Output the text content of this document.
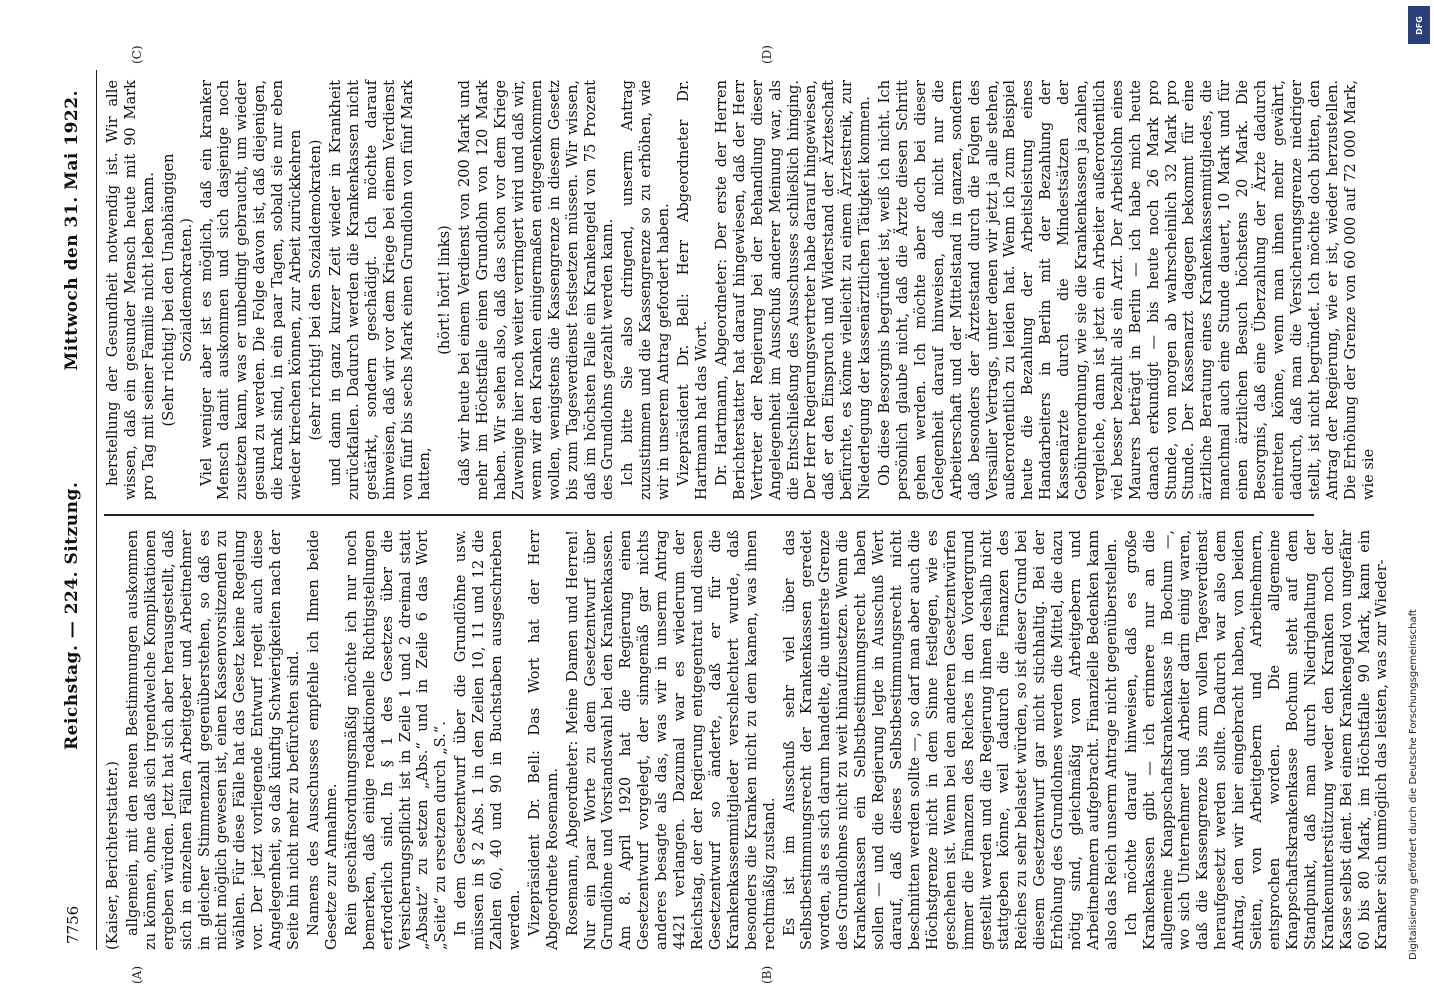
7756
Reichstag. — 224. Sitzung.
Mittwoch den 31. Mai 1922.
(A)	(B)
(C)	(D)

(Kaiser, Berichterstatter.) allgemein, mit den neuen Bestimmungen auskommen zu können, ohne daß sich irgendwelche Komplikationen ergeben würden. Jetzt hat sich aber herausgestellt, daß sich in einzelnen Fällen Arbeitgeber und Arbeitnehmer in gleicher Stimmenzahl gegenüberstehen, so daß es nicht möglich gewesen ist, einen Kassenvorsitzenden zu wählen. Für diese Fälle hat das Gesetz keine Regelung vor. Der jetzt vorliegende Entwurf regelt auch diese Angelegenheit, so daß künftig Schwierigkeiten nach der Seite hin nicht mehr zu befürchten sind. Namens des Ausschusses empfehle ich Ihnen beide Gesetze zur Annahme. Rein geschäftsordnungsmäßig möchte ich nur noch bemerken, daß einige redaktionelle Richtigstellungen erforderlich sind. In § 1 des Gesetzes über die Versicherungspflicht ist in Zeile 1 und 2 dreimal statt „Absatz“ zu setzen „Abs.“ und in Zeile 6 das Wort „Seite“ zu ersetzen durch „S.“. In dem Gesetzentwurf über die Grundlöhne usw. müssen in § 2 Abs. 1 in den Zeilen 10, 11 und 12 die Zahlen 60, 40 und 90 in Buchstaben ausgeschrieben werden. Vizepräsident Dr. Bell: Das Wort hat der Herr Abgeordnete Rosemann. Rosemann, Abgeordneter: Meine Damen und Herren! Nur ein paar Worte zu dem Gesetzentwurf über Grundlöhne und Vorstandswahl bei den Krankenkassen. Am 8. April 1920 hat die Regierung einen Gesetzentwurf vorgelegt, der sinngemäß gar nichts anderes besagte als das, was wir in unserm Antrag 4421 verlangen. Dazumal war es wiederum der Reichstag, der der Regierung entgegentrat und diesen Gesetzentwurf so änderte, daß er für die Krankenkassenmitglieder verschlechtert wurde, daß besonders die Kranken nicht zu dem kamen, was ihnen rechtmäßig zustand. Es ist im Ausschuß sehr viel über das Selbstbestimmungsrecht der Krankenkassen geredet worden, als es sich darum handelte, die unterste Grenze des Grundlohnes nicht zu weit hinaufzusetzen. Wenn die Krankenkassen ein Selbstbestimmungsrecht haben sollen — und die Regierung legte in Ausschuß Wert darauf, daß dieses Selbstbestimmungsrecht nicht beschnitten werden sollte —, so darf man aber auch die Höchstgrenze nicht in dem Sinne festlegen, wie es geschehen ist. Wenn bei den anderen Gesetzentwürfen immer die Finanzen des Reiches in den Vordergrund gestellt werden und die Regierung ihnen deshalb nicht stattgeben könne, weil dadurch die Finanzen des Reiches zu sehr belastet würden, so ist dieser Grund bei diesem Gesetzentwurf gar nicht stichhaltig. Bei der Erhöhung des Grundlohnes werden die Mittel, die dazu nötig sind, gleichmäßig von Arbeitgebern und Arbeitnehmern aufgebracht. Finanzielle Bedenken kann also das Reich unserm Antrage nicht gegenüberstellen. Ich möchte darauf hinweisen, daß es große Krankenkassen gibt — ich erinnere nur an die allgemeine Knappschaftskrankenkasse in Bochum —, wo sich Unternehmer und Arbeiter darin einig waren, daß die Kassengrenze bis zum vollen Tagesverdienst heraufgesetzt werden sollte. Dadurch war also dem Antrag, den wir hier eingebracht haben, von beiden Seiten, von Arbeitgebern und Arbeitnehmern, entsprochen worden. Die allgemeine Knappschaftskrankenkasse Bochum steht auf dem Standpunkt, daß man durch Niedrighaltung der Krankenunterstützung weder den Kranken noch der Kasse selbst dient. Bei einem Krankengeld von ungefähr 60 bis 80 Mark, im Höchstfalle 90 Mark, kann ein Kranker sich unmöglich das leisten, was zur Wieder-

herstellung der Gesundheit notwendig ist. Wir alle wissen, daß ein gesunder Mensch heute mit 90 Mark pro Tag mit seiner Familie nicht leben kann. (Sehr richtig! bei den Unabhängigen Sozialdemokraten.) Viel weniger aber ist es möglich, daß ein kranker Mensch damit auskommen und sich dasjenige noch zusetzen kann, was er unbedingt gebraucht, um wieder gesund zu werden. Die Folge davon ist, daß diejenigen, die krank sind, in ein paar Tagen, sobald sie nur eben wieder kriechen können, zur Arbeit zurückkehren (sehr richtig! bei den Sozialdemokraten) und dann in ganz kurzer Zeit wieder in Krankheit zurückfallen. Dadurch werden die Krankenkassen nicht gestärkt, sondern geschädigt. Ich möchte darauf hinweisen, daß wir vor dem Kriege bei einem Verdienst von fünf bis sechs Mark einen Grundlohn von fünf Mark hatten,

(hört! hört! links) daß wir heute bei einem Verdienst von 200 Mark und mehr im Höchstfalle einen Grundlohn von 120 Mark haben. Wir sehen also, daß das schon vor dem Kriege Zuwenige hier noch weiter verringert wird und daß wir, wenn wir den Kranken einigermaßen entgegenkommen wollen, wenigstens die Kassengrenze in diesem Gesetz bis zum Tagesverdienst festsetzen müssen. Wir wissen, daß im höchsten Falle ein Krankengeld von 75 Prozent des Grundlohns gezahlt werden kann. Ich bitte Sie also dringend, unserm Antrag zuzustimmen und die Kassengrenze so zu erhöhen, wie wir in unserem Antrag gefordert haben. Vizepräsident Dr. Bell: Herr Abgeordneter Dr. Hartmann hat das Wort. Dr. Hartmann, Abgeordneter: Der erste der Herren Berichterstatter hat darauf hingewiesen, daß der Herr Vertreter der Regierung bei der Behandlung dieser Angelegenheit im Ausschuß anderer Meinung war, als die Entschließung des Ausschusses schließlich hinging. Der Herr Regierungsvertreter habe darauf hingewiesen, daß er den Einspruch und Widerstand der Ärzteschaft befürchte, es könne vielleicht zu einem Ärztestreik, zur Niederlegung der kassenärztlichen Tätigkeit kommen. Ob diese Besorgnis begründet ist, weiß ich nicht. Ich persönlich glaube nicht, daß die Ärzte diesen Schritt gehen werden. Ich möchte aber doch bei dieser Gelegenheit darauf hinweisen, daß nicht nur die Arbeiterschaft und der Mittelstand in ganzen, sondern daß besonders der Ärztestand durch die Folgen des Versailler Vertrags, unter denen wir jetzt ja alle stehen, außerordentlich zu leiden hat. Wenn ich zum Beispiel heute die Bezahlung der Arbeitsleistung eines Handarbeiters in Berlin mit der Bezahlung der Kassenärzte durch die Mindestsätzen der Gebührenordnung, wie sie die Krankenkassen ja zahlen, vergleiche, dann ist jetzt ein Arbeiter außerordentlich viel besser bezahlt als ein Arzt. Der Arbeitslohn eines Maurers beträgt in Berlin — ich habe mich heute danach erkundigt — bis heute noch 26 Mark pro Stunde, von morgen ab wahrscheinlich 32 Mark pro Stunde. Der Kassenarzt dagegen bekommt für eine ärztliche Beratung eines Krankenkassenmitgliedes, die manchmal auch eine Stunde dauert, 10 Mark und für einen ärztlichen Besuch höchstens 20 Mark. Die Besorgnis, daß eine Überzahlung der Ärzte dadurch eintreten könne, wenn man ihnen mehr gewährt, dadurch, daß man die Versicherungsgrenze niedriger stellt, ist nicht begründet. Ich möchte doch bitten, den Antrag der Regierung, wie er ist, wieder herzustellen. Die Erhöhung der Grenze von 60 000 auf 72 000 Mark, wie sie

Digitalisierung gefördert durch die Deutsche Forschungsgemeinschaft
DFG
